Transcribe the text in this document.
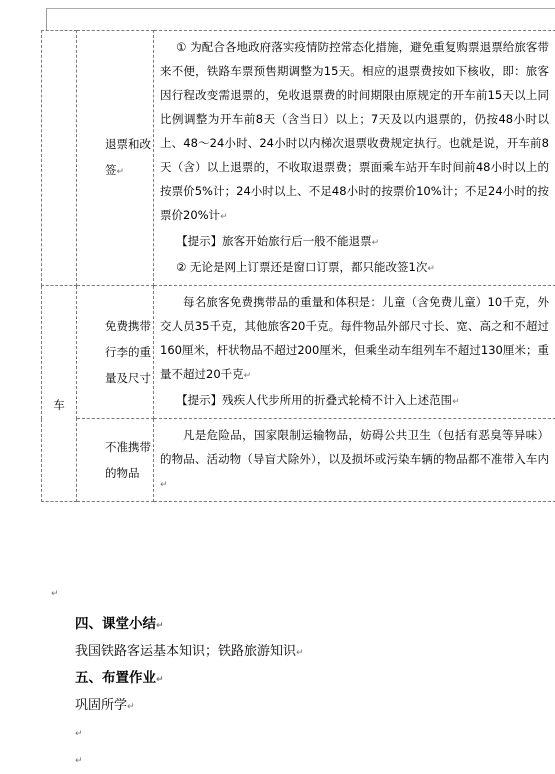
	退票和改签↵	① 为配合各地政府落实疫情防控常态化措施，避免重复购票退票给旅客带来不便，铁路车票预售期调整为15天。相应的退票费按如下核收，即：旅客因行程改变需退票的，免收退票费的时间期限由原规定的开车前15天以上同比例调整为开车前8天（含当日）以上；7天及以内退票的，仍按48小时以上、48～24小时、24小时以内梯次退票收费规定执行。也就是说，开车前8天（含）以上退票的，不收取退票费；票面乘车站开车时间前48小时以上的按票价5%计；24小时以上、不足48小时的按票价10%计；不足24小时的按票价20%计↵

【提示】旅客开始旅行后一般不能退票↵

② 无论是网上订票还是窗口订票，都只能改签1次↵

车	免费携带行李的重量及尺寸	每名旅客免费携带品的重量和体积是：儿童（含免费儿童）10千克，外交人员35千克，其他旅客20千克。每件物品外部尺寸长、宽、高之和不超过160厘米，杆状物品不超过200厘米，但乘坐动车组列车不超过130厘米；重量不超过20千克↵

【提示】残疾人代步所用的折叠式轮椅不计入上述范围↵

	不准携带的物品	凡是危险品，国家限制运输物品，妨碍公共卫生（包括有恶臭等异味）的物品、活动物（导盲犬除外），以及损坏或污染车辆的物品都不准带入车内↵

↵

四、课堂小结↵

我国铁路客运基本知识；铁路旅游知识↵

五、布置作业↵

巩固所学↵

↵

↵
